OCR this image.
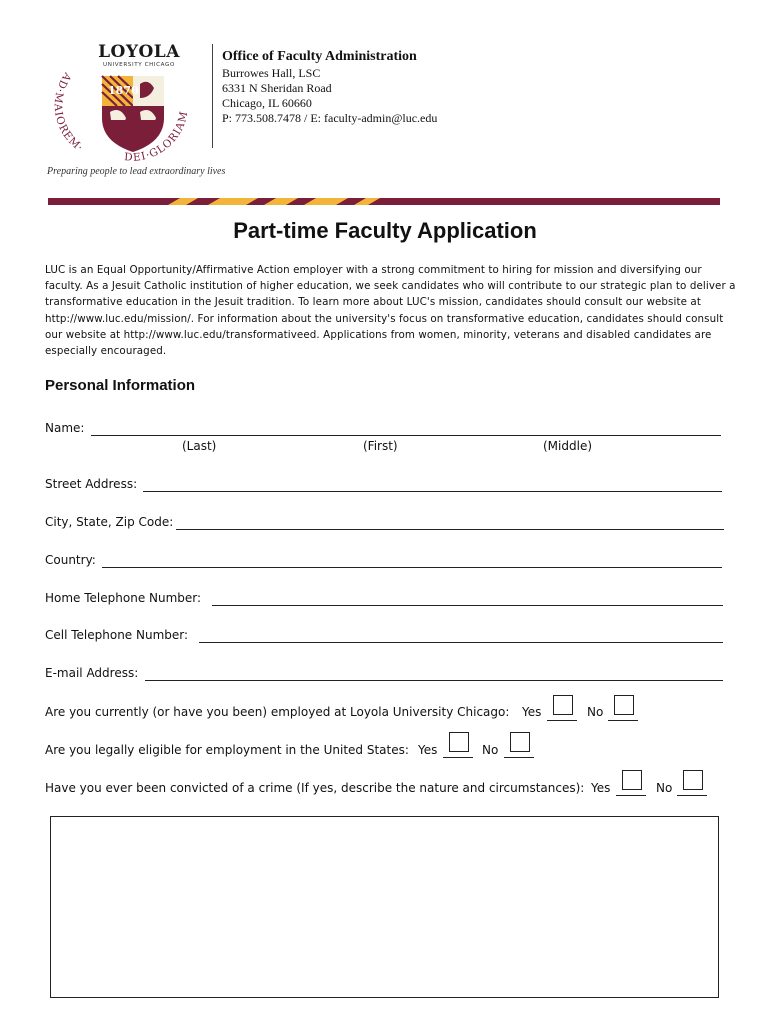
LOYOLA
UNIVERSITY CHICAGO
1870
AD·MAIOREM·
DEI·GLORIAM
Office of Faculty Administration
Burrowes Hall, LSC
6331 N Sheridan Road
Chicago, IL 60660
P: 773.508.7478 / E: faculty-admin@luc.edu
Preparing people to lead extraordinary lives
Part-time Faculty Application
LUC is an Equal Opportunity/Affirmative Action employer with a strong commitment to hiring for mission and diversifying our
faculty. As a Jesuit Catholic institution of higher education, we seek candidates who will contribute to our strategic plan to deliver a
transformative education in the Jesuit tradition. To learn more about LUC's mission, candidates should consult our website at
http://www.luc.edu/mission/. For information about the university's focus on transformative education, candidates should consult
our website at http://www.luc.edu/transformativeed. Applications from women, minority, veterans and disabled candidates are
especially encouraged.
Personal Information
Name:
(Last)	(First)	(Middle)
Street Address:
City, State, Zip Code:
Country:
Home Telephone Number:
Cell Telephone Number:
E-mail Address:
Are you currently (or have you been) employed at Loyola University Chicago: Yes	No
Are you legally eligible for employment in the United States: Yes	No
Have you ever been convicted of a crime (If yes, describe the nature and circumstances): Yes	No
